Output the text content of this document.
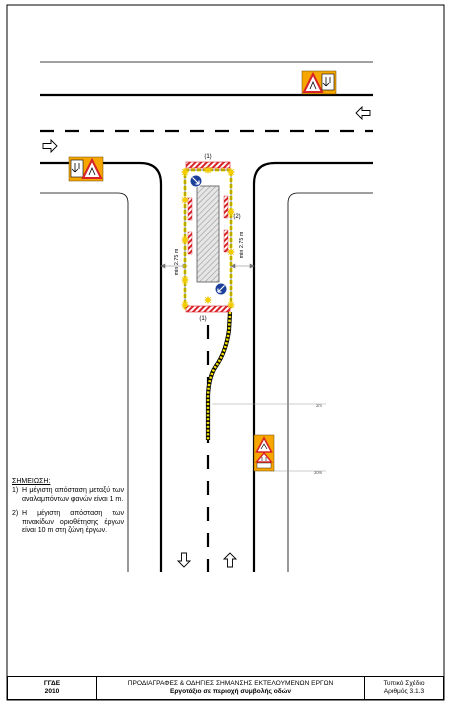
min 2.75 m
min 2.75 m
(1)
(1)
(2)
2m
30m
ΣΗΜΕΙΩΣΗ:
1) Η μέγιστη απόσταση μεταξύ των αναλαμπόντων φανών είναι 1 m.
2) Η μέγιστη απόσταση των πινακίδων οριοθέτησης έργων είναι 10 m στη ζώνη έργων.
ΓΓΔΕ
2010
ΠΡΟΔΙΑΓΡΑΦΕΣ & ΟΔΗΓΙΕΣ ΣΗΜΑΝΣΗΣ ΕΚΤΕΛΟΥΜΕΝΩΝ ΕΡΓΩΝ
Εργοτάξιο σε περιοχή συμβολής οδών
Τυπικό Σχέδιο
Αριθμός 3.1.3
